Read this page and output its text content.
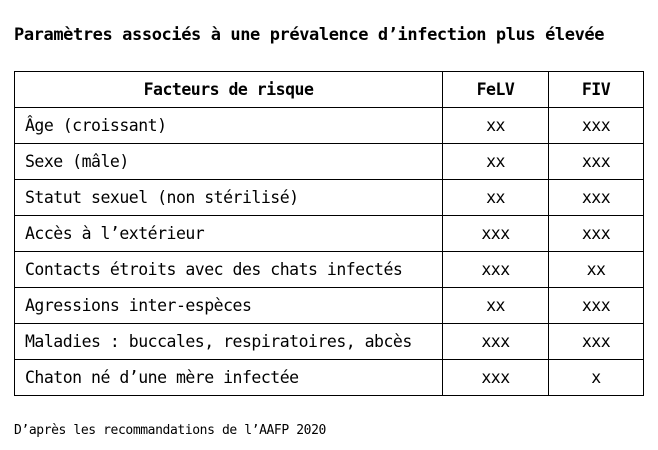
Paramètres associés à une prévalence d’infection plus élevée
Facteurs de risque	FeLV	FIV
Âge (croissant)	xx	xxx
Sexe (mâle)	xx	xxx
Statut sexuel (non stérilisé)	xx	xxx
Accès à l’extérieur	xxx	xxx
Contacts étroits avec des chats infectés	xxx	xx
Agressions inter-espèces	xx	xxx
Maladies : buccales, respiratoires, abcès	xxx	xxx
Chaton né d’une mère infectée	xxx	x
D’après les recommandations de l’AAFP 2020
